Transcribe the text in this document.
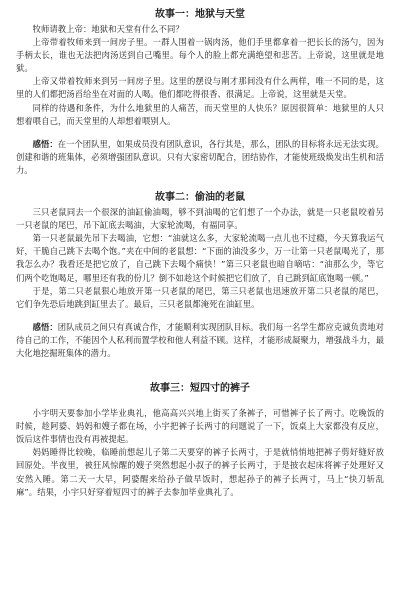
故事一：地狱与天堂

牧师请教上帝：地狱和天堂有什么不同？

上帝带着牧师来到一间房子里。一群人围着一锅肉汤，他们手里都拿着一把长长的汤勺，因为手柄太长，谁也无法把肉汤送到自己嘴里。每个人的脸上都充满绝望和悲苦。上帝说，这里就是地狱。

上帝又带着牧师来到另一间房子里。这里的摆设与刚才那间没有什么两样，唯一不同的是，这里的人们都把汤舀给坐在对面的人喝。他们都吃得很香、很满足。上帝说，这里就是天堂。

同样的待遇和条件，为什么地狱里的人痛苦，而天堂里的人快乐？原因很简单：地狱里的人只想着喂自己，而天堂里的人却想着喂别人。

感悟：在一个团队里，如果成员没有团队意识，各行其是，那么，团队的目标将永远无法实现。创建和谐的班集体，必须增强团队意识。只有大家密切配合，团结协作，才能使班级焕发出生机和活力。

故事二：偷油的老鼠

三只老鼠同去一个很深的油缸偷油喝，够不到油喝的它们想了一个办法，就是一只老鼠咬着另一只老鼠的尾巴，吊下缸底去喝油，大家轮流喝，有福同享。

第一只老鼠最先吊下去喝油，它想：“油就这么多，大家轮流喝一点儿也不过瘾，今天算我运气好，干脆自己跳下去喝个饱。”夹在中间的老鼠想：“下面的油没多少，万一让第一只老鼠喝光了，那我怎么办？我看还是把它放了，自己跳下去喝个痛快！”第三只老鼠也暗自嘀咕：“油那么少，等它们两个吃饱喝足，哪里还有我的份儿？倒不如趁这个时候把它们放了，自己跳到缸底饱喝一顿。”

于是，第二只老鼠狠心地放开第一只老鼠的尾巴，第三只老鼠也迅速放开第二只老鼠的尾巴，它们争先恐后地跳到缸里去了。最后，三只老鼠都淹死在油缸里。

感悟：团队成员之间只有真诚合作，才能顺利实现团队目标。我们每一名学生都应克诚负责地对待自己的工作，不能因个人私利而置学校和他人利益不顾。这样，才能形成凝聚力，增强战斗力，最大化地挖掘班集体的潜力。

故事三：短四寸的裤子

小宇明天要参加小学毕业典礼，他高高兴兴地上街买了条裤子，可惜裤子长了两寸。吃晚饭的时候，趁阿婆、妈妈和嫂子都在场，小宇把裤子长两寸的问题说了一下，饭桌上大家都没有反应，饭后这件事情也没有再被提起。

妈妈睡得比较晚，临睡前想起儿子第二天要穿的裤子长两寸，于是就悄悄地把裤子剪好缝好放回原处。半夜里，被狂风惊醒的嫂子突然想起小叔子的裤子长两寸，于是披衣起床将裤子处理好又安然入睡。第二天一大早，阿婆醒来给孙子做早饭时，想起孙子的裤子长两寸，马上“快刀斩乱麻”。结果，小宇只好穿着短四寸的裤子去参加毕业典礼了。
